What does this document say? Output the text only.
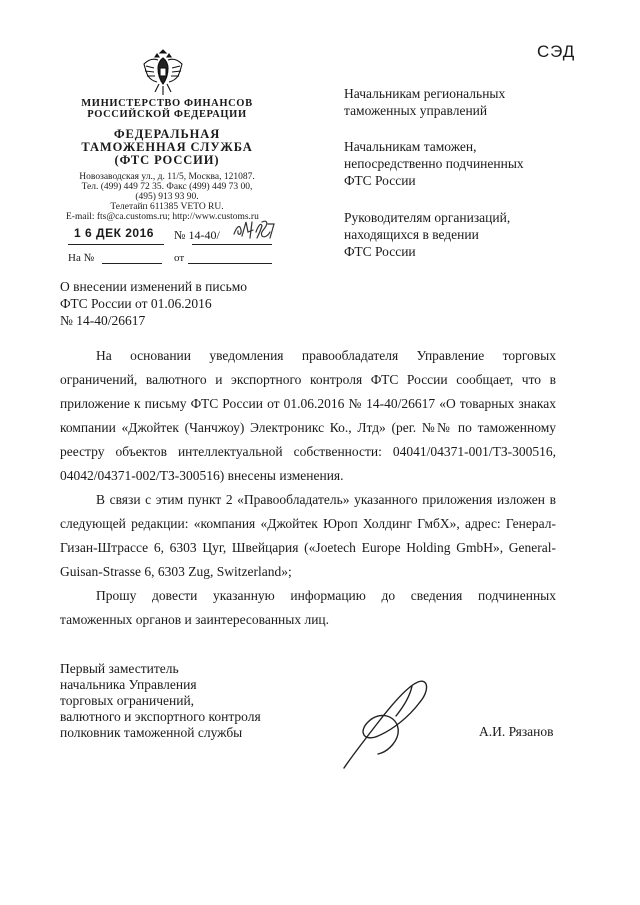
СЭД
МИНИСТЕРСТВО ФИНАНСОВ
РОССИЙСКОЙ ФЕДЕРАЦИИ
ФЕДЕРАЛЬНАЯ
ТАМОЖЕННАЯ СЛУЖБА
(ФТС РОССИИ)
Новозаводская ул., д. 11/5, Москва, 121087.
Тел. (499) 449 72 35. Факс (499) 449 73 00,
(495) 913 93 90.
Телетайп 611385 VETO RU.
E-mail: fts@ca.customs.ru; http://www.customs.ru
1 6 ДЕК 2016 № 14-40/
На №	от
Начальникам региональных
таможенных управлений
Начальникам таможен,
непосредственно подчиненных
ФТС России
Руководителям организаций,
находящихся в ведении
ФТС России
О внесении изменений в письмо
ФТС России от 01.06.2016
№ 14-40/26617

На основании уведомления правообладателя Управление торговых ограничений, валютного и экспортного контроля ФТС России сообщает, что в приложение к письму ФТС России от 01.06.2016 № 14-40/26617 «О товарных знаках компании «Джойтек (Чанчжоу) Электроникс Ко., Лтд» (рег. №№ по таможенному реестру объектов интеллектуальной собственности: 04041/04371-001/ТЗ-300516, 04042/04371-002/ТЗ-300516) внесены изменения.

В связи с этим пункт 2 «Правообладатель» указанного приложения изложен в следующей редакции: «компания «Джойтек Юроп Холдинг ГмбХ», адрес: Генерал-Гизан-Штрассе 6, 6303 Цуг, Швейцария («Joetech Europe Holding GmbH», General-Guisan-Strasse 6, 6303 Zug, Switzerland»;

Прошу довести указанную информацию до сведения подчиненных таможенных органов и заинтересованных лиц.

Первый заместитель
начальника Управления
торговых ограничений,
валютного и экспортного контроля
полковник таможенной службы	А.И. Рязанов
